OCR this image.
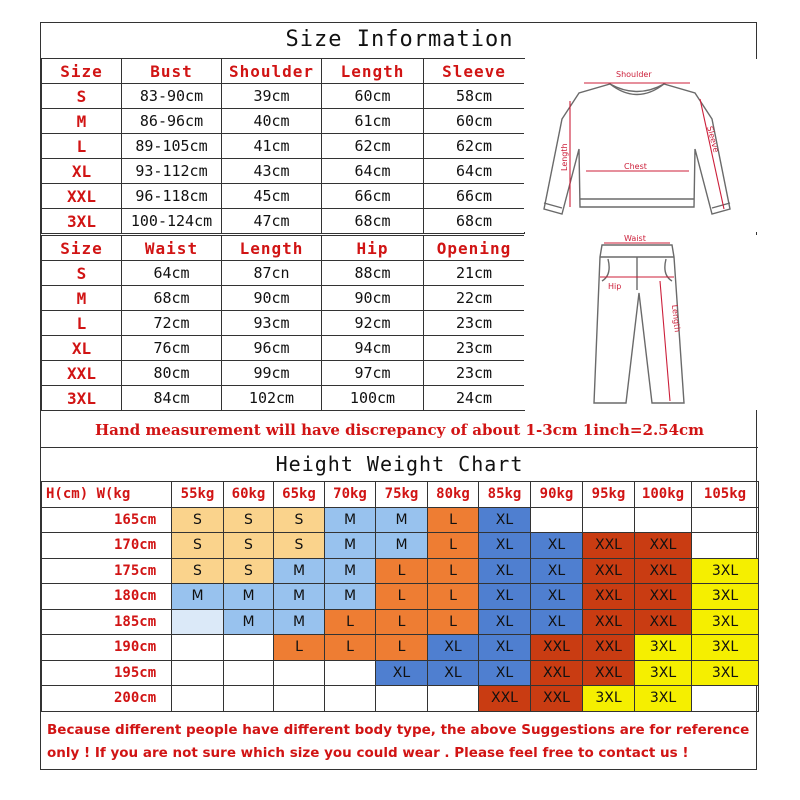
Size Information
Size	Bust	Shoulder	Length	Sleeve
S	83-90cm	39cm	60cm	58cm
M	86-96cm	40cm	61cm	60cm
L	89-105cm	41cm	62cm	62cm
XL	93-112cm	43cm	64cm	64cm
XXL	96-118cm	45cm	66cm	66cm
3XL	100-124cm	47cm	68cm	68cm
Shoulder
Chest
Length
Sleeve
Size	Waist	Length	Hip	Opening
S	64cm	87cn	88cm	21cm
M	68cm	90cm	90cm	22cm
L	72cm	93cm	92cm	23cm
XL	76cm	96cm	94cm	23cm
XXL	80cm	99cm	97cm	23cm
3XL	84cm	102cm	100cm	24cm
Waist
Hip
Length
Hand measurement will have discrepancy of about 1-3cm 1inch=2.54cm
Height Weight Chart
H(cm) W(kg	55kg	60kg	65kg	70kg	75kg	80kg	85kg	90kg	95kg	100kg	105kg
165cm	S	S	S	M	M	L	XL				
170cm	S	S	S	M	M	L	XL	XL	XXL	XXL	
175cm	S	S	M	M	L	L	XL	XL	XXL	XXL	3XL
180cm	M	M	M	M	L	L	XL	XL	XXL	XXL	3XL
185cm		M	M	L	L	L	XL	XL	XXL	XXL	3XL
190cm			L	L	L	XL	XL	XXL	XXL	3XL	3XL
195cm					XL	XL	XL	XXL	XXL	3XL	3XL
200cm							XXL	XXL	3XL	3XL	
Because different people have different body type, the above Suggestions are for reference only ! If you are not sure which size you could wear . Please feel free to contact us !
